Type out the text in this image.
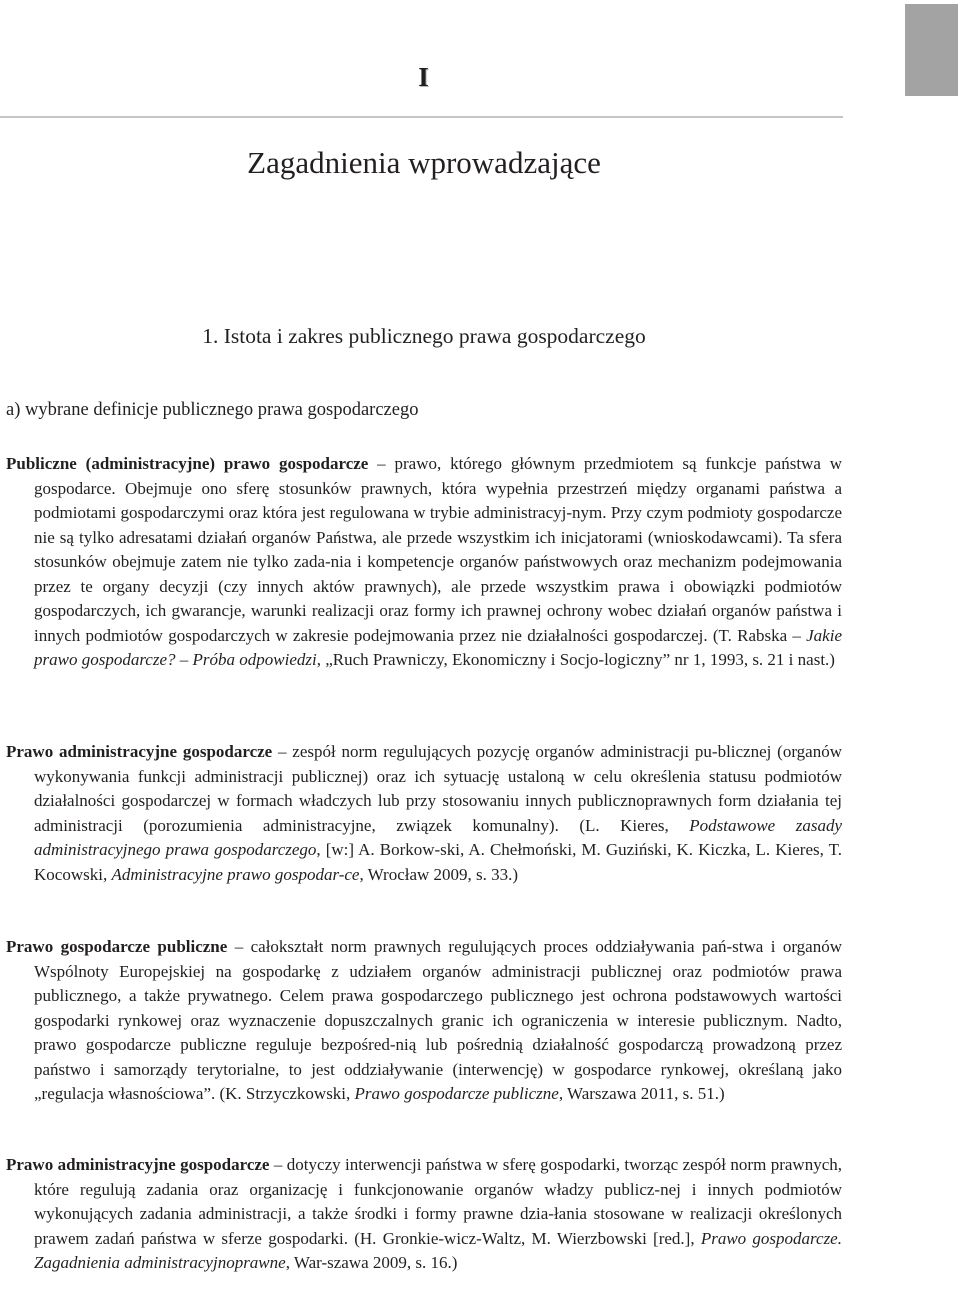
I
Zagadnienia wprowadzające
1. Istota i zakres publicznego prawa gospodarczego
a) wybrane definicje publicznego prawa gospodarczego

Publiczne (administracyjne) prawo gospodarcze – prawo, którego głównym przedmiotem są funkcje państwa w gospodarce. Obejmuje ono sferę stosunków prawnych, która wypełnia przestrzeń między organami państwa a podmiotami gospodarczymi oraz która jest regulowana w trybie administracyj-nym. Przy czym podmioty gospodarcze nie są tylko adresatami działań organów Państwa, ale przede wszystkim ich inicjatorami (wnioskodawcami). Ta sfera stosunków obejmuje zatem nie tylko zada-nia i kompetencje organów państwowych oraz mechanizm podejmowania przez te organy decyzji (czy innych aktów prawnych), ale przede wszystkim prawa i obowiązki podmiotów gospodarczych, ich gwarancje, warunki realizacji oraz formy ich prawnej ochrony wobec działań organów państwa i innych podmiotów gospodarczych w zakresie podejmowania przez nie działalności gospodarczej. (T. Rabska – Jakie prawo gospodarcze? – Próba odpowiedzi, „Ruch Prawniczy, Ekonomiczny i Socjo-logiczny” nr 1, 1993, s. 21 i nast.)

Prawo administracyjne gospodarcze – zespół norm regulujących pozycję organów administracji pu-blicznej (organów wykonywania funkcji administracji publicznej) oraz ich sytuację ustaloną w celu określenia statusu podmiotów działalności gospodarczej w formach władczych lub przy stosowaniu innych publicznoprawnych form działania tej administracji (porozumienia administracyjne, związek komunalny). (L. Kieres, Podstawowe zasady administracyjnego prawa gospodarczego, [w:] A. Borkow-ski, A. Chełmoński, M. Guziński, K. Kiczka, L. Kieres, T. Kocowski, Administracyjne prawo gospodar-ce, Wrocław 2009, s. 33.)

Prawo gospodarcze publiczne – całokształt norm prawnych regulujących proces oddziaływania pań-stwa i organów Wspólnoty Europejskiej na gospodarkę z udziałem organów administracji publicznej oraz podmiotów prawa publicznego, a także prywatnego. Celem prawa gospodarczego publicznego jest ochrona podstawowych wartości gospodarki rynkowej oraz wyznaczenie dopuszczalnych granic ich ograniczenia w interesie publicznym. Nadto, prawo gospodarcze publiczne reguluje bezpośred-nią lub pośrednią działalność gospodarczą prowadzoną przez państwo i samorządy terytorialne, to jest oddziaływanie (interwencję) w gospodarce rynkowej, określaną jako „regulacja własnościowa”. (K. Strzyczkowski, Prawo gospodarcze publiczne, Warszawa 2011, s. 51.)

Prawo administracyjne gospodarcze – dotyczy interwencji państwa w sferę gospodarki, tworząc zespół norm prawnych, które regulują zadania oraz organizację i funkcjonowanie organów władzy publicz-nej i innych podmiotów wykonujących zadania administracji, a także środki i formy prawne dzia-łania stosowane w realizacji określonych prawem zadań państwa w sferze gospodarki. (H. Gronkie-wicz-Waltz, M. Wierzbowski [red.], Prawo gospodarcze. Zagadnienia administracyjnoprawne, War-szawa 2009, s. 16.)
